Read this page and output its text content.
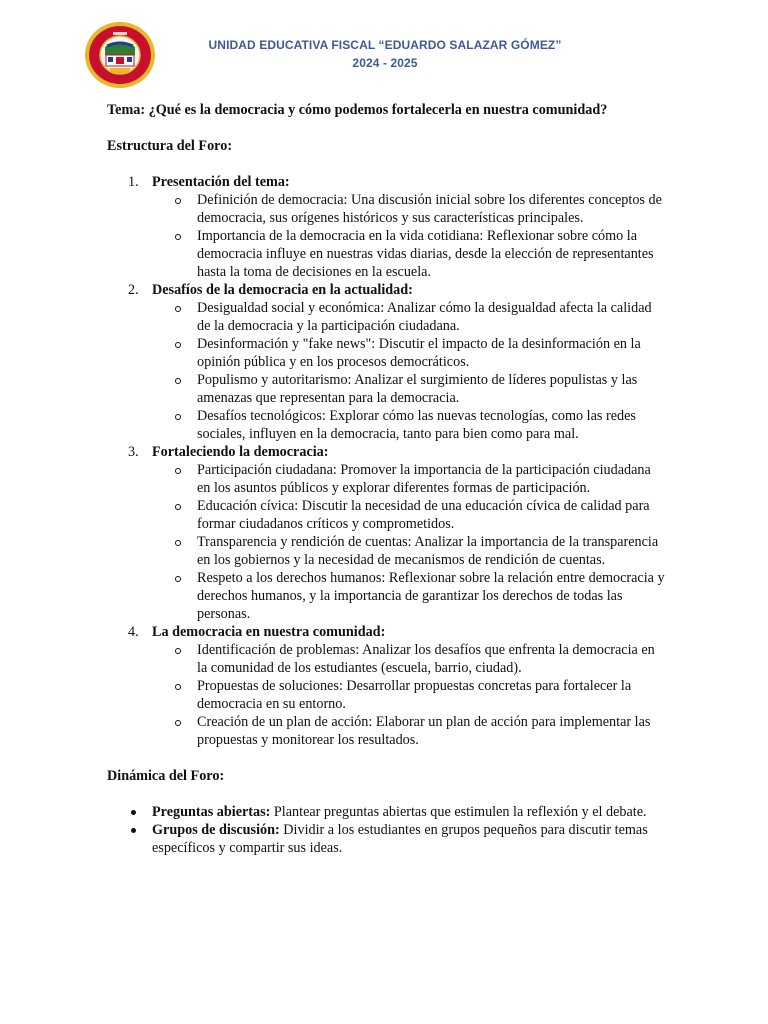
UNIDAD EDUCATIVA FISCAL “EDUARDO SALAZAR GÓMEZ”
2024 - 2025

Tema: ¿Qué es la democracia y cómo podemos fortalecerla en nuestra comunidad?

Estructura del Foro:

1. Presentación del tema:
Definición de democracia: Una discusión inicial sobre los diferentes conceptos de democracia, sus orígenes históricos y sus características principales.
Importancia de la democracia en la vida cotidiana: Reflexionar sobre cómo la democracia influye en nuestras vidas diarias, desde la elección de representantes hasta la toma de decisiones en la escuela.
2. Desafíos de la democracia en la actualidad:
Desigualdad social y económica: Analizar cómo la desigualdad afecta la calidad de la democracia y la participación ciudadana.
Desinformación y "fake news": Discutir el impacto de la desinformación en la opinión pública y en los procesos democráticos.
Populismo y autoritarismo: Analizar el surgimiento de líderes populistas y las amenazas que representan para la democracia.
Desafíos tecnológicos: Explorar cómo las nuevas tecnologías, como las redes sociales, influyen en la democracia, tanto para bien como para mal.
3. Fortaleciendo la democracia:
Participación ciudadana: Promover la importancia de la participación ciudadana en los asuntos públicos y explorar diferentes formas de participación.
Educación cívica: Discutir la necesidad de una educación cívica de calidad para formar ciudadanos críticos y comprometidos.
Transparencia y rendición de cuentas: Analizar la importancia de la transparencia en los gobiernos y la necesidad de mecanismos de rendición de cuentas.
Respeto a los derechos humanos: Reflexionar sobre la relación entre democracia y derechos humanos, y la importancia de garantizar los derechos de todas las personas.
4. La democracia en nuestra comunidad:
Identificación de problemas: Analizar los desafíos que enfrenta la democracia en la comunidad de los estudiantes (escuela, barrio, ciudad).
Propuestas de soluciones: Desarrollar propuestas concretas para fortalecer la democracia en su entorno.
Creación de un plan de acción: Elaborar un plan de acción para implementar las propuestas y monitorear los resultados.

Dinámica del Foro:

Preguntas abiertas: Plantear preguntas abiertas que estimulen la reflexión y el debate.
Grupos de discusión: Dividir a los estudiantes en grupos pequeños para discutir temas específicos y compartir sus ideas.
